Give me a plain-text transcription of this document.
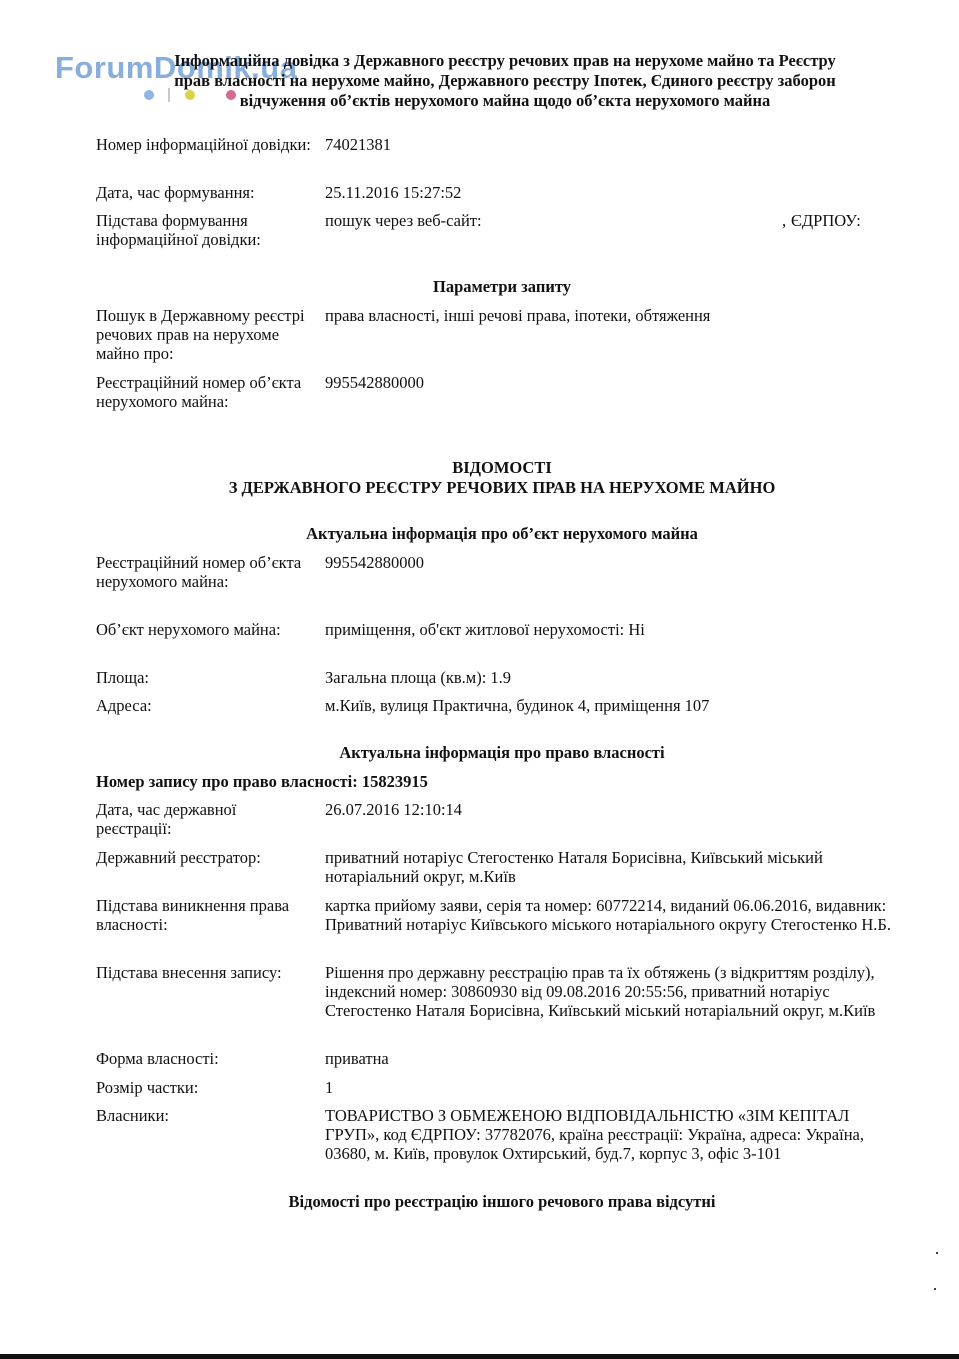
ForumDomik.ua
Інформаційна довідка з Державного реєстру речових прав на нерухоме майно та Реєстру
прав власності на нерухоме майно, Державного реєстру Іпотек, Єдиного реєстру заборон
відчуження об’єктів нерухомого майна щодо об’єкта нерухомого майна
Номер інформаційної довідки: 74021381
Дата, час формування:	25.11.2016 15:27:52
Підстава формування інформаційної довідки:
пошук через веб-сайт:	, ЄДРПОУ:
Параметри запиту
Пошук в Державному реєстрі речових прав на нерухоме майно про:
права власності, інші речові права, іпотеки, обтяження
Реєстраційний номер об’єкта нерухомого майна:
995542880000
ВІДОМОСТІ
З ДЕРЖАВНОГО РЕЄСТРУ РЕЧОВИХ ПРАВ НА НЕРУХОМЕ МАЙНО
Актуальна інформація про об’єкт нерухомого майна
Реєстраційний номер об’єкта нерухомого майна:
995542880000
Об’єкт нерухомого майна:	приміщення, об'єкт житлової нерухомості: Ні
Площа:	Загальна площа (кв.м): 1.9
Адреса:	м.Київ, вулиця Практична, будинок 4, приміщення 107
Актуальна інформація про право власності
Номер запису про право власності: 15823915
Дата, час державної реєстрації:
26.07.2016 12:10:14
Державний реєстратор:	приватний нотаріус Стегостенко Наталя Борисівна, Київський міський нотаріальний округ, м.Київ
Підстава виникнення права власності:
картка прийому заяви, серія та номер: 60772214, виданий 06.06.2016, видавник: Приватний нотаріус Київського міського нотаріального округу Стегостенко Н.Б.
Підстава внесення запису:	Рішення про державну реєстрацію прав та їх обтяжень (з відкриттям розділу), індексний номер: 30860930 від 09.08.2016 20:55:56, приватний нотаріус Стегостенко Наталя Борисівна, Київський міський нотаріальний округ, м.Київ
Форма власності:	приватна
Розмір частки:	1
Власники:	ТОВАРИСТВО З ОБМЕЖЕНОЮ ВІДПОВІДАЛЬНІСТЮ «ЗІМ КЕПІТАЛ ГРУП», код ЄДРПОУ: 37782076, країна реєстрації: Україна, адреса: Україна, 03680, м. Київ, провулок Охтирський, буд.7, корпус 3, офіс 3-101
Відомості про реєстрацію іншого речового права відсутні
